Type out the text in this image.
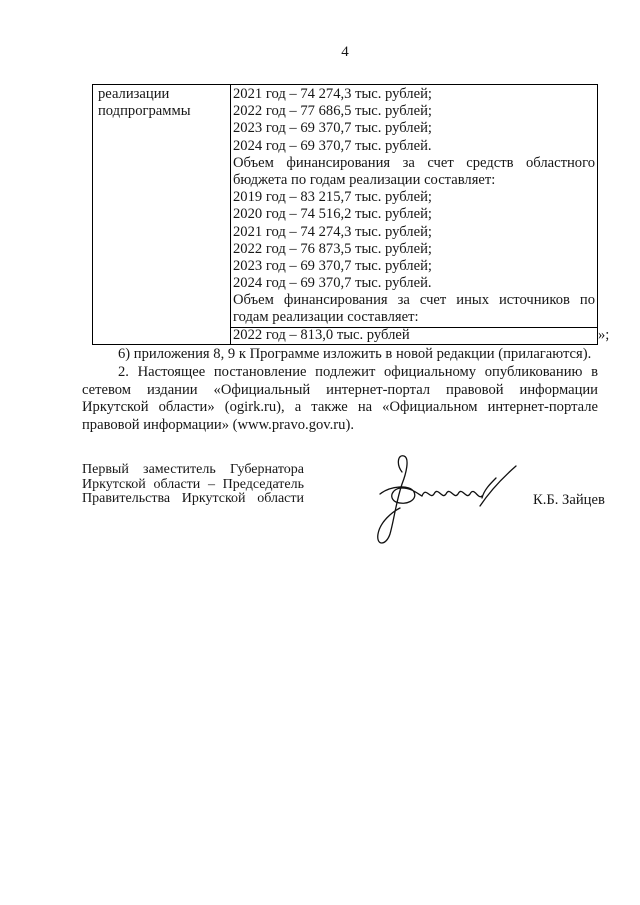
4
реализации
подпрограммы
2021 год – 74 274,3 тыс. рублей;
2022 год – 77 686,5 тыс. рублей;
2023 год – 69 370,7 тыс. рублей;
2024 год – 69 370,7 тыс. рублей.
Объем финансирования за счет средств областного
бюджета по годам реализации составляет:
2019 год – 83 215,7 тыс. рублей;
2020 год – 74 516,2 тыс. рублей;
2021 год – 74 274,3 тыс. рублей;
2022 год – 76 873,5 тыс. рублей;
2023 год – 69 370,7 тыс. рублей;
2024 год – 69 370,7 тыс. рублей.
Объем финансирования за счет иных источников по
годам реализации составляет:
2022 год – 813,0 тыс. рублей	»;
6) приложения 8, 9 к Программе изложить в новой редакции (прилагаются).
2. Настоящее постановление подлежит официальному опубликованию в
сетевом издании «Официальный интернет-портал правовой информации
Иркутской области» (ogirk.ru), а также на «Официальном интернет-портале
правовой информации» (www.pravo.gov.ru).
Первый заместитель Губернатора
Иркутской области – Председатель
Правительства Иркутской области	К.Б. Зайцев
